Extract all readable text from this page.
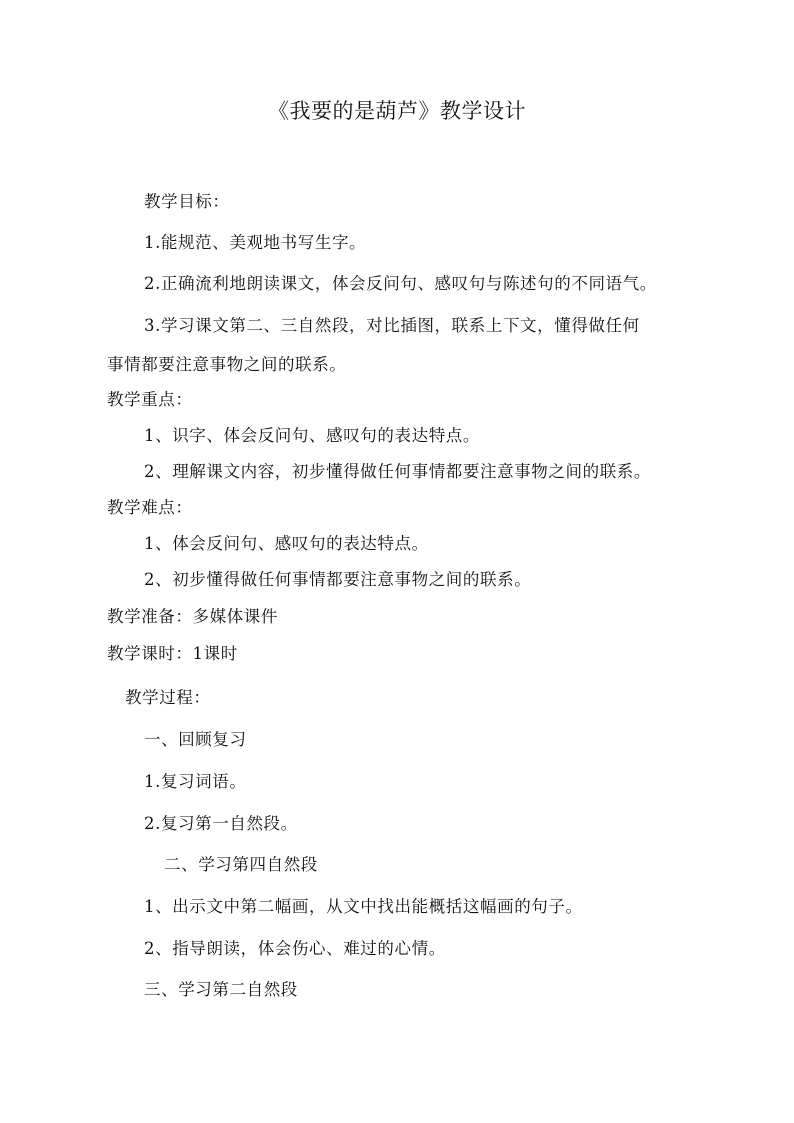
《我要的是葫芦》教学设计
教学目标：
1.能规范、美观地书写生字。
2.正确流利地朗读课文，体会反问句、感叹句与陈述句的不同语气。
3.学习课文第二、三自然段，对比插图，联系上下文，懂得做任何
事情都要注意事物之间的联系。
教学重点：
1、识字、体会反问句、感叹句的表达特点。
2、理解课文内容，初步懂得做任何事情都要注意事物之间的联系。
教学难点：
1、体会反问句、感叹句的表达特点。
2、初步懂得做任何事情都要注意事物之间的联系。
教学准备：多媒体课件
教学课时：1课时
教学过程：
一、回顾复习
1.复习词语。
2.复习第一自然段。
二、学习第四自然段
1、出示文中第二幅画，从文中找出能概括这幅画的句子。
2、指导朗读，体会伤心、难过的心情。
三、学习第二自然段
